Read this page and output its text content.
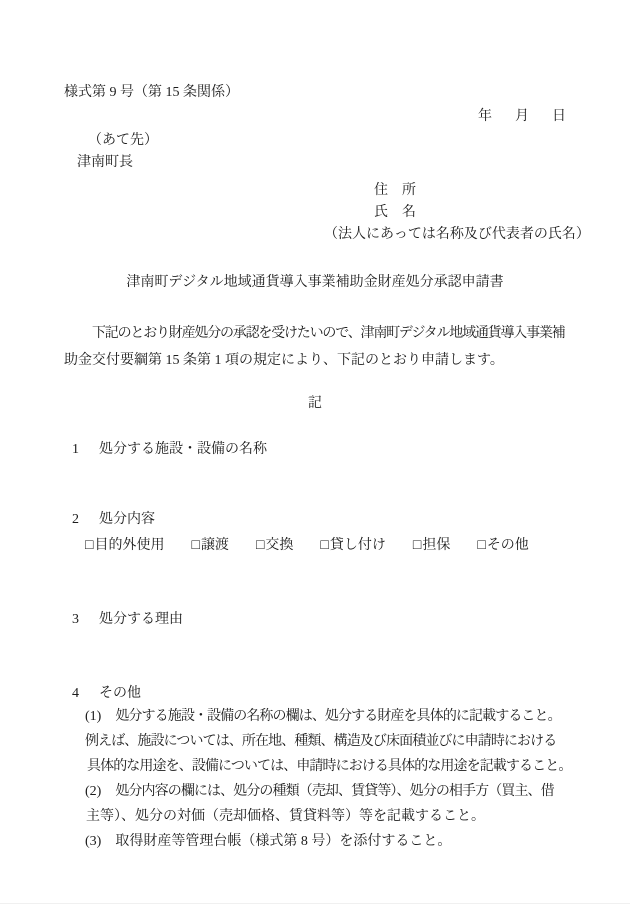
様式第 9 号（第 15 条関係）
年 月 日
（あて先）
津南町長
住　所
氏　名
（法人にあっては名称及び代表者の氏名）
津南町デジタル地域通貨導入事業補助金財産処分承認申請書
下記のとおり財産処分の承認を受けたいので、津南町デジタル地域通貨導入事業補
助金交付要綱第 15 条第 1 項の規定により、下記のとおり申請します。
記
1 処分する施設・設備の名称
2 処分内容
□ 目的外使用 □ 譲渡 □ 交換 □ 貸し付け □ 担保 □ その他
3 処分する理由
4 その他
(1) 処分する施設・設備の名称の欄は、処分する財産を具体的に記載すること。
例えば、施設については、所在地、種類、構造及び床面積並びに申請時における
具体的な用途を、設備については、申請時における具体的な用途を記載すること。
(2) 処分内容の欄には、処分の種類（売却、賃貸等）、処分の相手方（買主、借
主等）、処分の対価（売却価格、賃貸料等）等を記載すること。
(3) 取得財産等管理台帳（様式第 8 号）を添付すること。
